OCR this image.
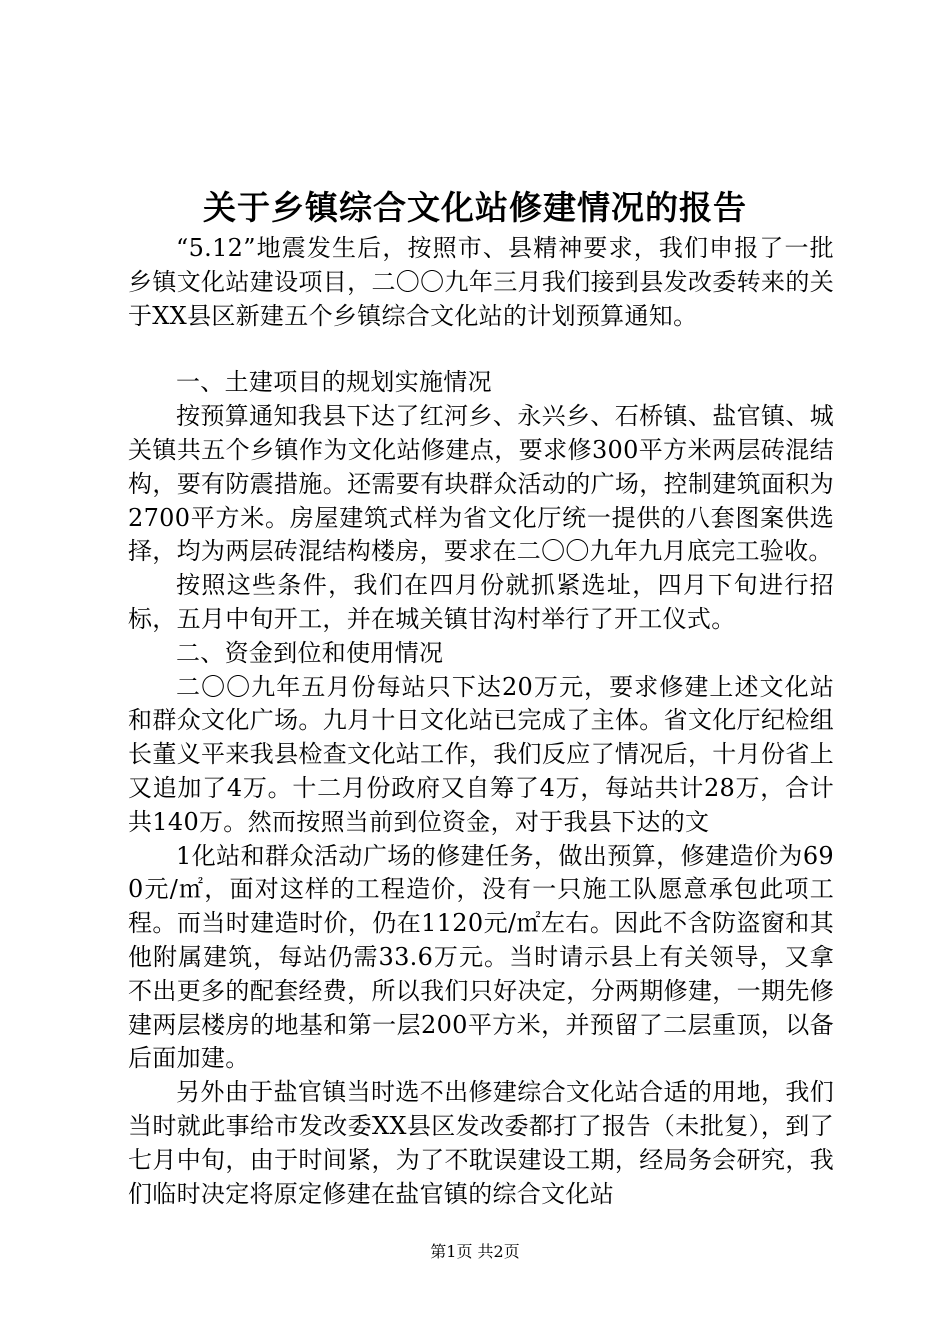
关于乡镇综合文化站修建情况的报告

“5.12”地震发生后，按照市、县精神要求，我们申报了一批乡镇文化站建设项目，二〇〇九年三月我们接到县发改委转来的关于XX县区新建五个乡镇综合文化站的计划预算通知。

一、土建项目的规划实施情况

按预算通知我县下达了红河乡、永兴乡、石桥镇、盐官镇、城关镇共五个乡镇作为文化站修建点，要求修300平方米两层砖混结构，要有防震措施。还需要有块群众活动的广场，控制建筑面积为2700平方米。房屋建筑式样为省文化厅统一提供的八套图案供选择，均为两层砖混结构楼房，要求在二〇〇九年九月底完工验收。

按照这些条件，我们在四月份就抓紧选址，四月下旬进行招标，五月中旬开工，并在城关镇甘沟村举行了开工仪式。

二、资金到位和使用情况

二〇〇九年五月份每站只下达20万元，要求修建上述文化站和群众文化广场。九月十日文化站已完成了主体。省文化厅纪检组长董义平来我县检查文化站工作，我们反应了情况后，十月份省上又追加了4万。十二月份政府又自筹了4万，每站共计28万，合计共140万。然而按照当前到位资金，对于我县下达的文

1化站和群众活动广场的修建任务，做出预算，修建造价为690元/㎡，面对这样的工程造价，没有一只施工队愿意承包此项工程。而当时建造时价，仍在1120元/㎡左右。因此不含防盗窗和其他附属建筑，每站仍需33.6万元。当时请示县上有关领导，又拿不出更多的配套经费，所以我们只好决定，分两期修建，一期先修建两层楼房的地基和第一层200平方米，并预留了二层重顶，以备后面加建。

另外由于盐官镇当时选不出修建综合文化站合适的用地，我们当时就此事给市发改委XX县区发改委都打了报告（未批复），到了七月中旬，由于时间紧，为了不耽误建设工期，经局务会研究，我们临时决定将原定修建在盐官镇的综合文化站

第1页 共2页
